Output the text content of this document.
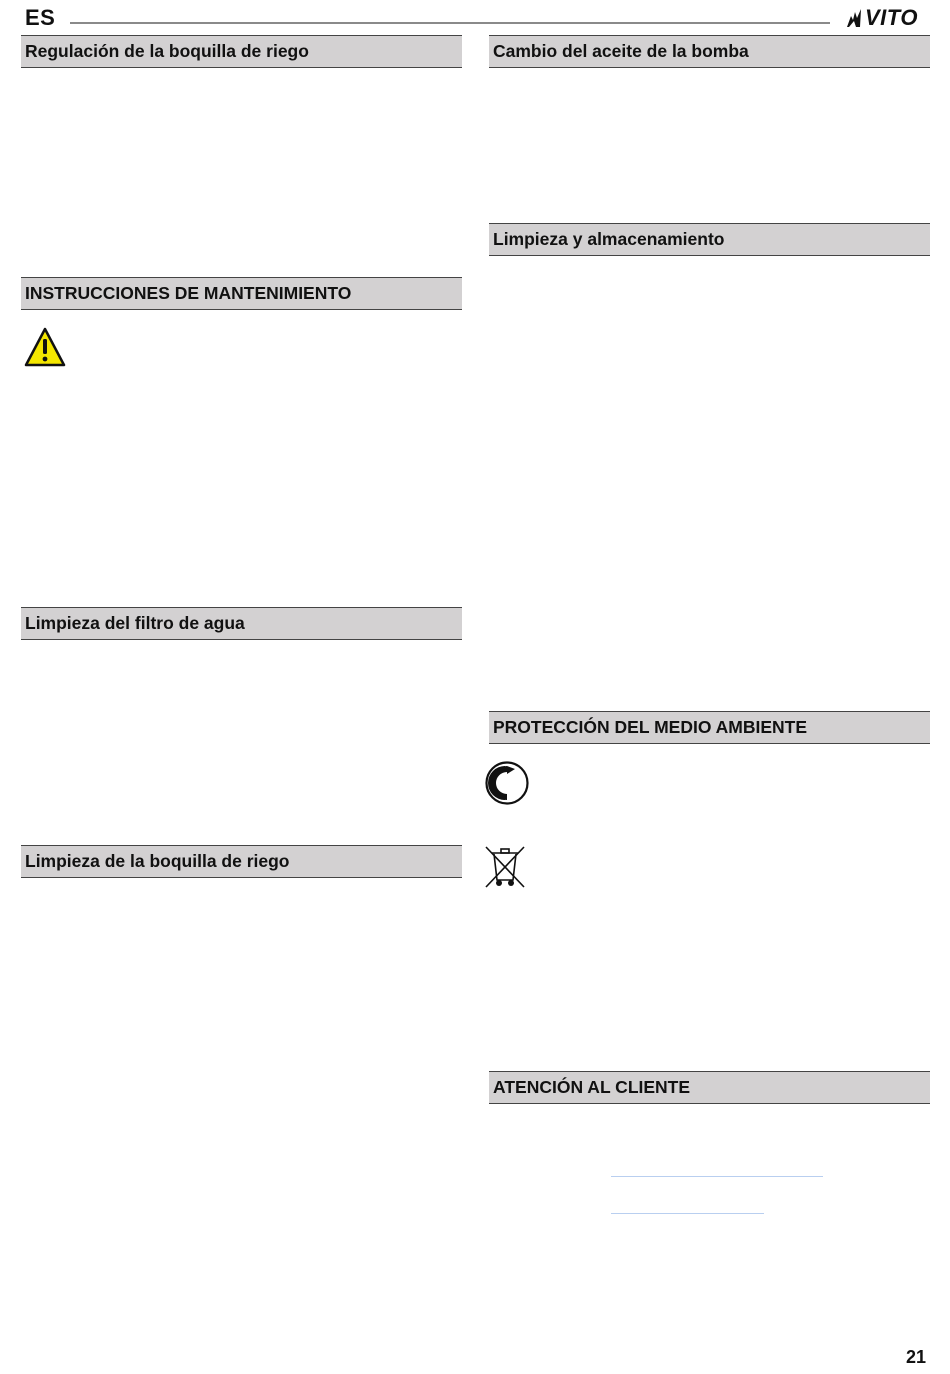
ES	VITO
Regulación de la boquilla de riego
INSTRUCCIONES DE MANTENIMIENTO
Limpieza del filtro de agua
Limpieza de la boquilla de riego
Cambio del aceite de la bomba
Limpieza y almacenamiento
PROTECCIÓN DEL MEDIO AMBIENTE
ATENCIÓN AL CLIENTE
21
